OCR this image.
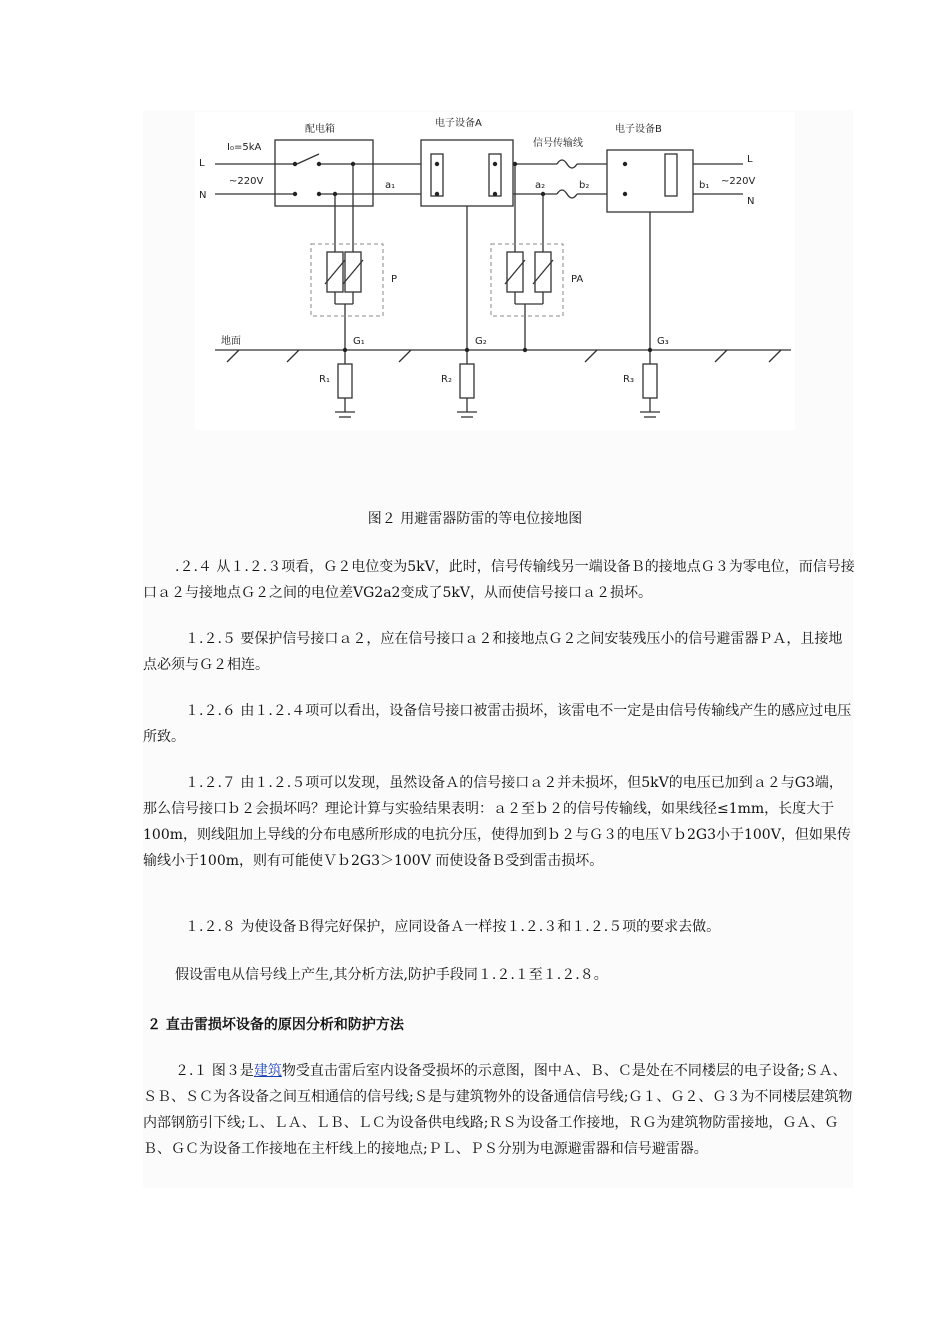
配电箱
电子设备A
电子设备B
信号传输线
I₀=5kA
~220V	~220V
L
N
L
N
a₁	a₂	b₂	b₁
P	PA
地面	G₁	G₂	G₃
R₁	R₂	R₃
图２ 用避雷器防雷的等电位接地图
.２.４ 从１.２.３项看，Ｇ２电位变为5kV，此时，信号传输线另一端设备Ｂ的接地点Ｇ３为零电位，而信号接口ａ２与接地点Ｇ２之间的电位差VG2a2变成了5kV，从而使信号接口ａ２损坏。
１.２.５ 要保护信号接口ａ２，应在信号接口ａ２和接地点Ｇ２之间安装残压小的信号避雷器ＰＡ，且接地点必须与Ｇ２相连。
１.２.６ 由１.２.４项可以看出，设备信号接口被雷击损坏，该雷电不一定是由信号传输线产生的感应过电压所致。
１.２.７ 由１.２.５项可以发现，虽然设备Ａ的信号接口ａ２并未损坏，但5kV的电压已加到ａ２与G3端，那么信号接口ｂ２会损坏吗？理论计算与实验结果表明：ａ２至ｂ２的信号传输线，如果线径≤1mm，长度大于100m，则线阻加上导线的分布电感所形成的电抗分压，使得加到ｂ２与Ｇ３的电压Ｖｂ2G3小于100V，但如果传输线小于100m，则有可能使Ｖｂ2G3＞100V 而使设备Ｂ受到雷击损坏。
１.２.８ 为使设备Ｂ得完好保护，应同设备Ａ一样按１.２.３和１.２.５项的要求去做。
假设雷电从信号线上产生,其分析方法,防护手段同１.２.１至１.２.８。
２ 直击雷损坏设备的原因分析和防护方法
２.１ 图３是建筑物受直击雷后室内设备受损坏的示意图，图中Ａ、Ｂ、Ｃ是处在不同楼层的电子设备;ＳＡ、ＳＢ、ＳＣ为各设备之间互相通信的信号线;Ｓ是与建筑物外的设备通信信号线;Ｇ１、Ｇ２、Ｇ３为不同楼层建筑物内部钢筋引下线;Ｌ、ＬＡ、ＬＢ、ＬＣ为设备供电线路;ＲＳ为设备工作接地，ＲＧ为建筑物防雷接地，ＧＡ、ＧＢ、ＧＣ为设备工作接地在主杆线上的接地点;ＰＬ、ＰＳ分别为电源避雷器和信号避雷器。
